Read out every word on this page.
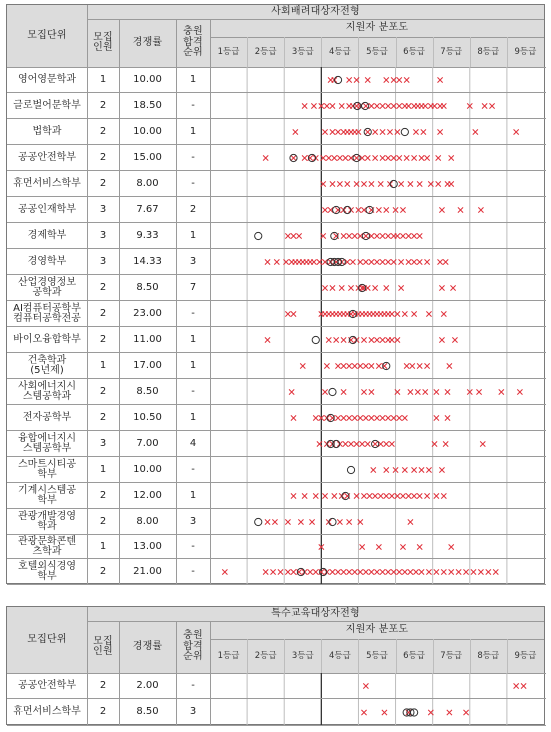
사회배려대상자전형
모집단위	모집
인원	경쟁률
충원
합격
순위
지원자 분포도
1등급	2등급	3등급	4등급	5등급	6등급	7등급	8등급	9등급
영어영문학과	1	10.00	1
글로벌어문학부	2	18.50	-
법학과	2	10.00	1
공공안전학부	2	15.00	-
휴먼서비스학부	2	8.00	-
공공인재학부	3	7.67	2
경제학부	3	9.33	1
경영학부	3	14.33	3
산업경영정보
공학과	2	8.50	7
AI컴퓨터공학부
컴퓨터공학전공	2	23.00	-
바이오융합학부	2	11.00	1
건축학과
(5년제)	1	17.00	1
사회에너지시
스템공학과	2	8.50	-
전자공학부	2	10.50	1
융합에너지시
스템공학부	3	7.00	4
스마트시티공
학부	1	10.00	-
기계시스템공
학부	2	12.00	1
관광개발경영
학과	2	8.00	3
관광문화콘텐
츠학과	1	13.00	-
호텔외식경영
학부	2	21.00	-
특수교육대상자전형
모집단위	모집
인원	경쟁률
충원
합격
순위
지원자 분포도
1등급	2등급	3등급	4등급	5등급	6등급	7등급	8등급	9등급
공공안전학부	2	2.00	-
휴먼서비스학부	2	8.50	3
